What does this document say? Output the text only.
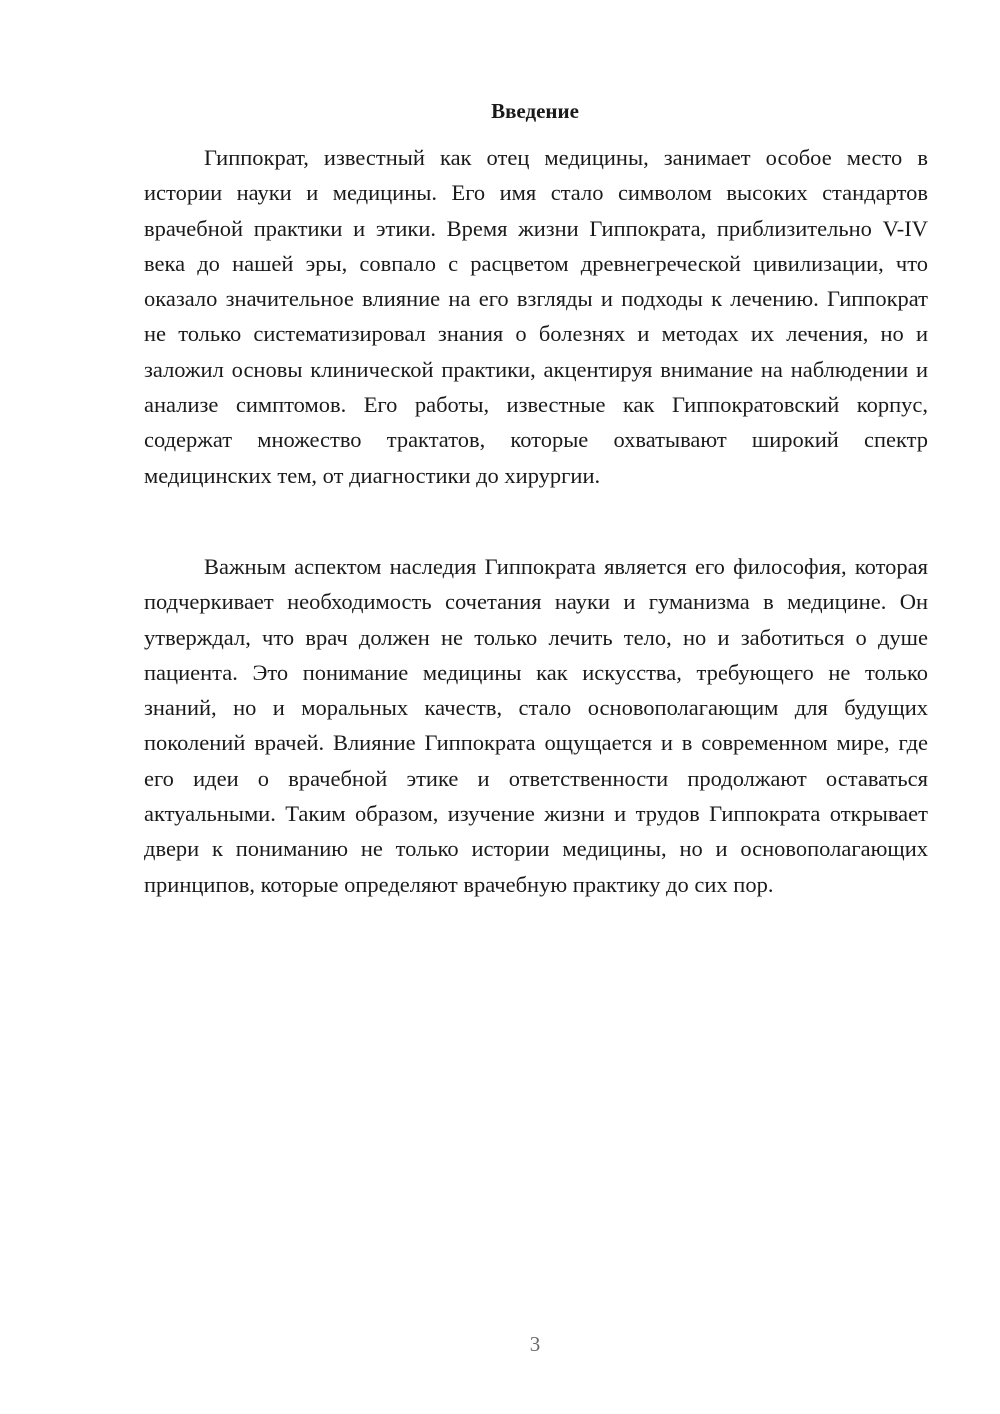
Введение

Гиппократ, известный как отец медицины, занимает особое место в истории науки и медицины. Его имя стало символом высоких стандартов врачебной практики и этики. Время жизни Гиппократа, приблизительно V-IV века до нашей эры, совпало с расцветом древнегреческой цивилизации, что оказало значительное влияние на его взгляды и подходы к лечению. Гиппократ не только систематизировал знания о болезнях и методах их лечения, но и заложил основы клинической практики, акцентируя внимание на наблюдении и анализе симптомов. Его работы, известные как Гиппократовский корпус, содержат множество трактатов, которые охватывают широкий спектр медицинских тем, от диагностики до хирургии.

Важным аспектом наследия Гиппократа является его философия, которая подчеркивает необходимость сочетания науки и гуманизма в медицине. Он утверждал, что врач должен не только лечить тело, но и заботиться о душе пациента. Это понимание медицины как искусства, требующего не только знаний, но и моральных качеств, стало основополагающим для будущих поколений врачей. Влияние Гиппократа ощущается и в современном мире, где его идеи о врачебной этике и ответственности продолжают оставаться актуальными. Таким образом, изучение жизни и трудов Гиппократа открывает двери к пониманию не только истории медицины, но и основополагающих принципов, которые определяют врачебную практику до сих пор.

3
